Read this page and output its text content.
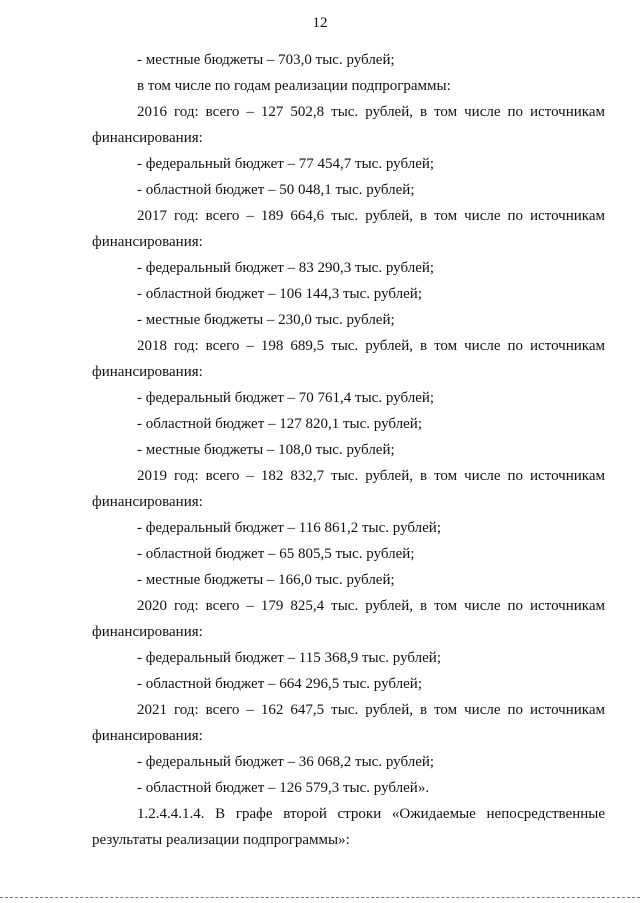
12
- местные бюджеты – 703,0 тыс. рублей;
в том числе по годам реализации подпрограммы:
2016 год: всего – 127 502,8 тыс. рублей, в том числе по источникам
финансирования:
- федеральный бюджет – 77 454,7 тыс. рублей;
- областной бюджет – 50 048,1 тыс. рублей;
2017 год: всего – 189 664,6 тыс. рублей, в том числе по источникам
финансирования:
- федеральный бюджет – 83 290,3 тыс. рублей;
- областной бюджет – 106 144,3 тыс. рублей;
- местные бюджеты – 230,0 тыс. рублей;
2018 год: всего – 198 689,5 тыс. рублей, в том числе по источникам
финансирования:
- федеральный бюджет – 70 761,4 тыс. рублей;
- областной бюджет – 127 820,1 тыс. рублей;
- местные бюджеты – 108,0 тыс. рублей;
2019 год: всего – 182 832,7 тыс. рублей, в том числе по источникам
финансирования:
- федеральный бюджет – 116 861,2 тыс. рублей;
- областной бюджет – 65 805,5 тыс. рублей;
- местные бюджеты – 166,0 тыс. рублей;
2020 год: всего – 179 825,4 тыс. рублей, в том числе по источникам
финансирования:
- федеральный бюджет – 115 368,9 тыс. рублей;
- областной бюджет – 664 296,5 тыс. рублей;
2021 год: всего – 162 647,5 тыс. рублей, в том числе по источникам
финансирования:
- федеральный бюджет – 36 068,2 тыс. рублей;
- областной бюджет – 126 579,3 тыс. рублей».
1.2.4.4.1.4. В графе второй строки «Ожидаемые непосредственные
результаты реализации подпрограммы»:
